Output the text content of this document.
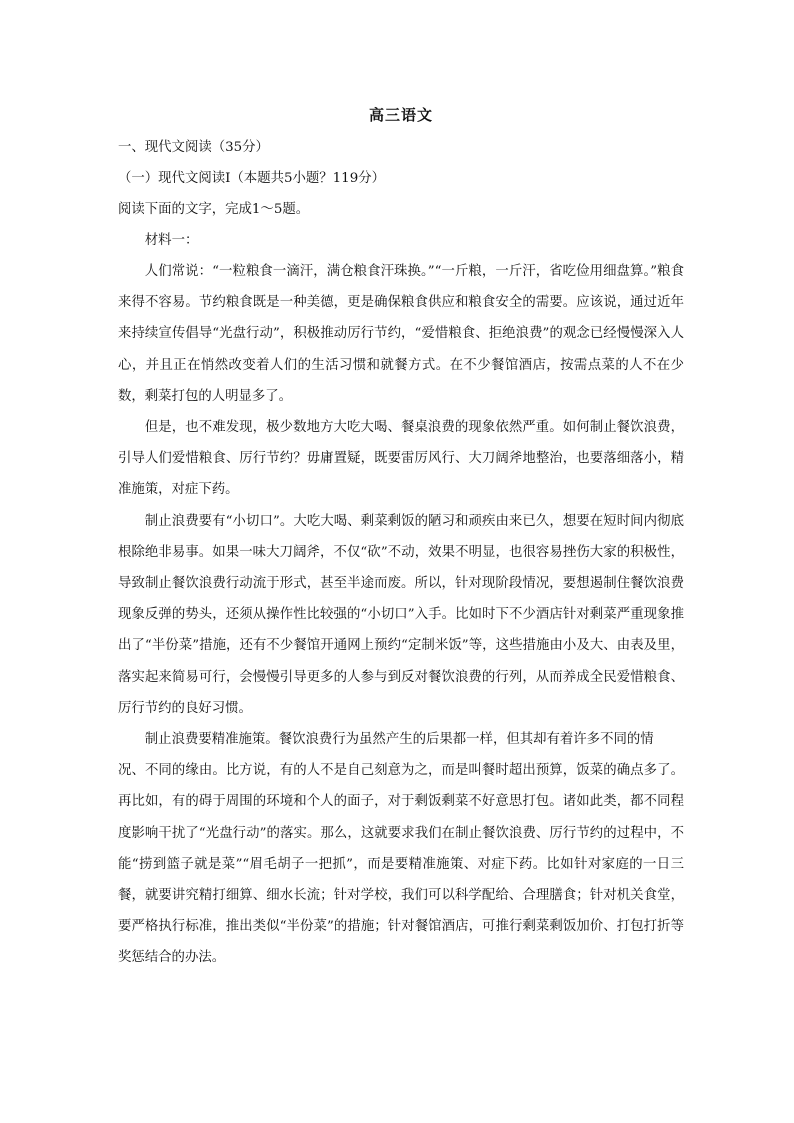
高三语文

一、现代文阅读（35分）

（一）现代文阅读Ⅰ（本题共5小题？119分）

阅读下面的文字，完成1～5题。

材料一：

人们常说：“一粒粮食一滴汗，满仓粮食汗珠换。”“一斤粮，一斤汗，省吃俭用细盘算。”粮食来得不容易。节约粮食既是一种美德，更是确保粮食供应和粮食安全的需要。应该说，通过近年来持续宣传倡导“光盘行动”，积极推动厉行节约，“爱惜粮食、拒绝浪费”的观念已经慢慢深入人心，并且正在悄然改变着人们的生活习惯和就餐方式。在不少餐馆酒店，按需点菜的人不在少数，剩菜打包的人明显多了。

但是，也不难发现，极少数地方大吃大喝、餐桌浪费的现象依然严重。如何制止餐饮浪费，引导人们爱惜粮食、厉行节约？毋庸置疑，既要雷厉风行、大刀阔斧地整治，也要落细落小，精准施策，对症下药。

制止浪费要有“小切口”。大吃大喝、剩菜剩饭的陋习和顽疾由来已久，想要在短时间内彻底根除绝非易事。如果一味大刀阔斧，不仅“砍”不动，效果不明显，也很容易挫伤大家的积极性，导致制止餐饮浪费行动流于形式，甚至半途而废。所以，针对现阶段情况，要想遏制住餐饮浪费现象反弹的势头，还须从操作性比较强的“小切口”入手。比如时下不少酒店针对剩菜严重现象推出了“半份菜”措施，还有不少餐馆开通网上预约“定制米饭”等，这些措施由小及大、由表及里，落实起来简易可行，会慢慢引导更多的人参与到反对餐饮浪费的行列，从而养成全民爱惜粮食、厉行节约的良好习惯。

制止浪费要精准施策。餐饮浪费行为虽然产生的后果都一样，但其却有着许多不同的情

况、不同的缘由。比方说，有的人不是自己刻意为之，而是叫餐时超出预算，饭菜的确点多了。再比如，有的碍于周围的环境和个人的面子，对于剩饭剩菜不好意思打包。诸如此类，都不同程度影响干扰了“光盘行动”的落实。那么，这就要求我们在制止餐饮浪费、厉行节约的过程中，不能“捞到篮子就是菜”“眉毛胡子一把抓”，而是要精准施策、对症下药。比如针对家庭的一日三餐，就要讲究精打细算、细水长流；针对学校，我们可以科学配给、合理膳食；针对机关食堂，要严格执行标准，推出类似“半份菜”的措施；针对餐馆酒店，可推行剩菜剩饭加价、打包打折等奖惩结合的办法。
